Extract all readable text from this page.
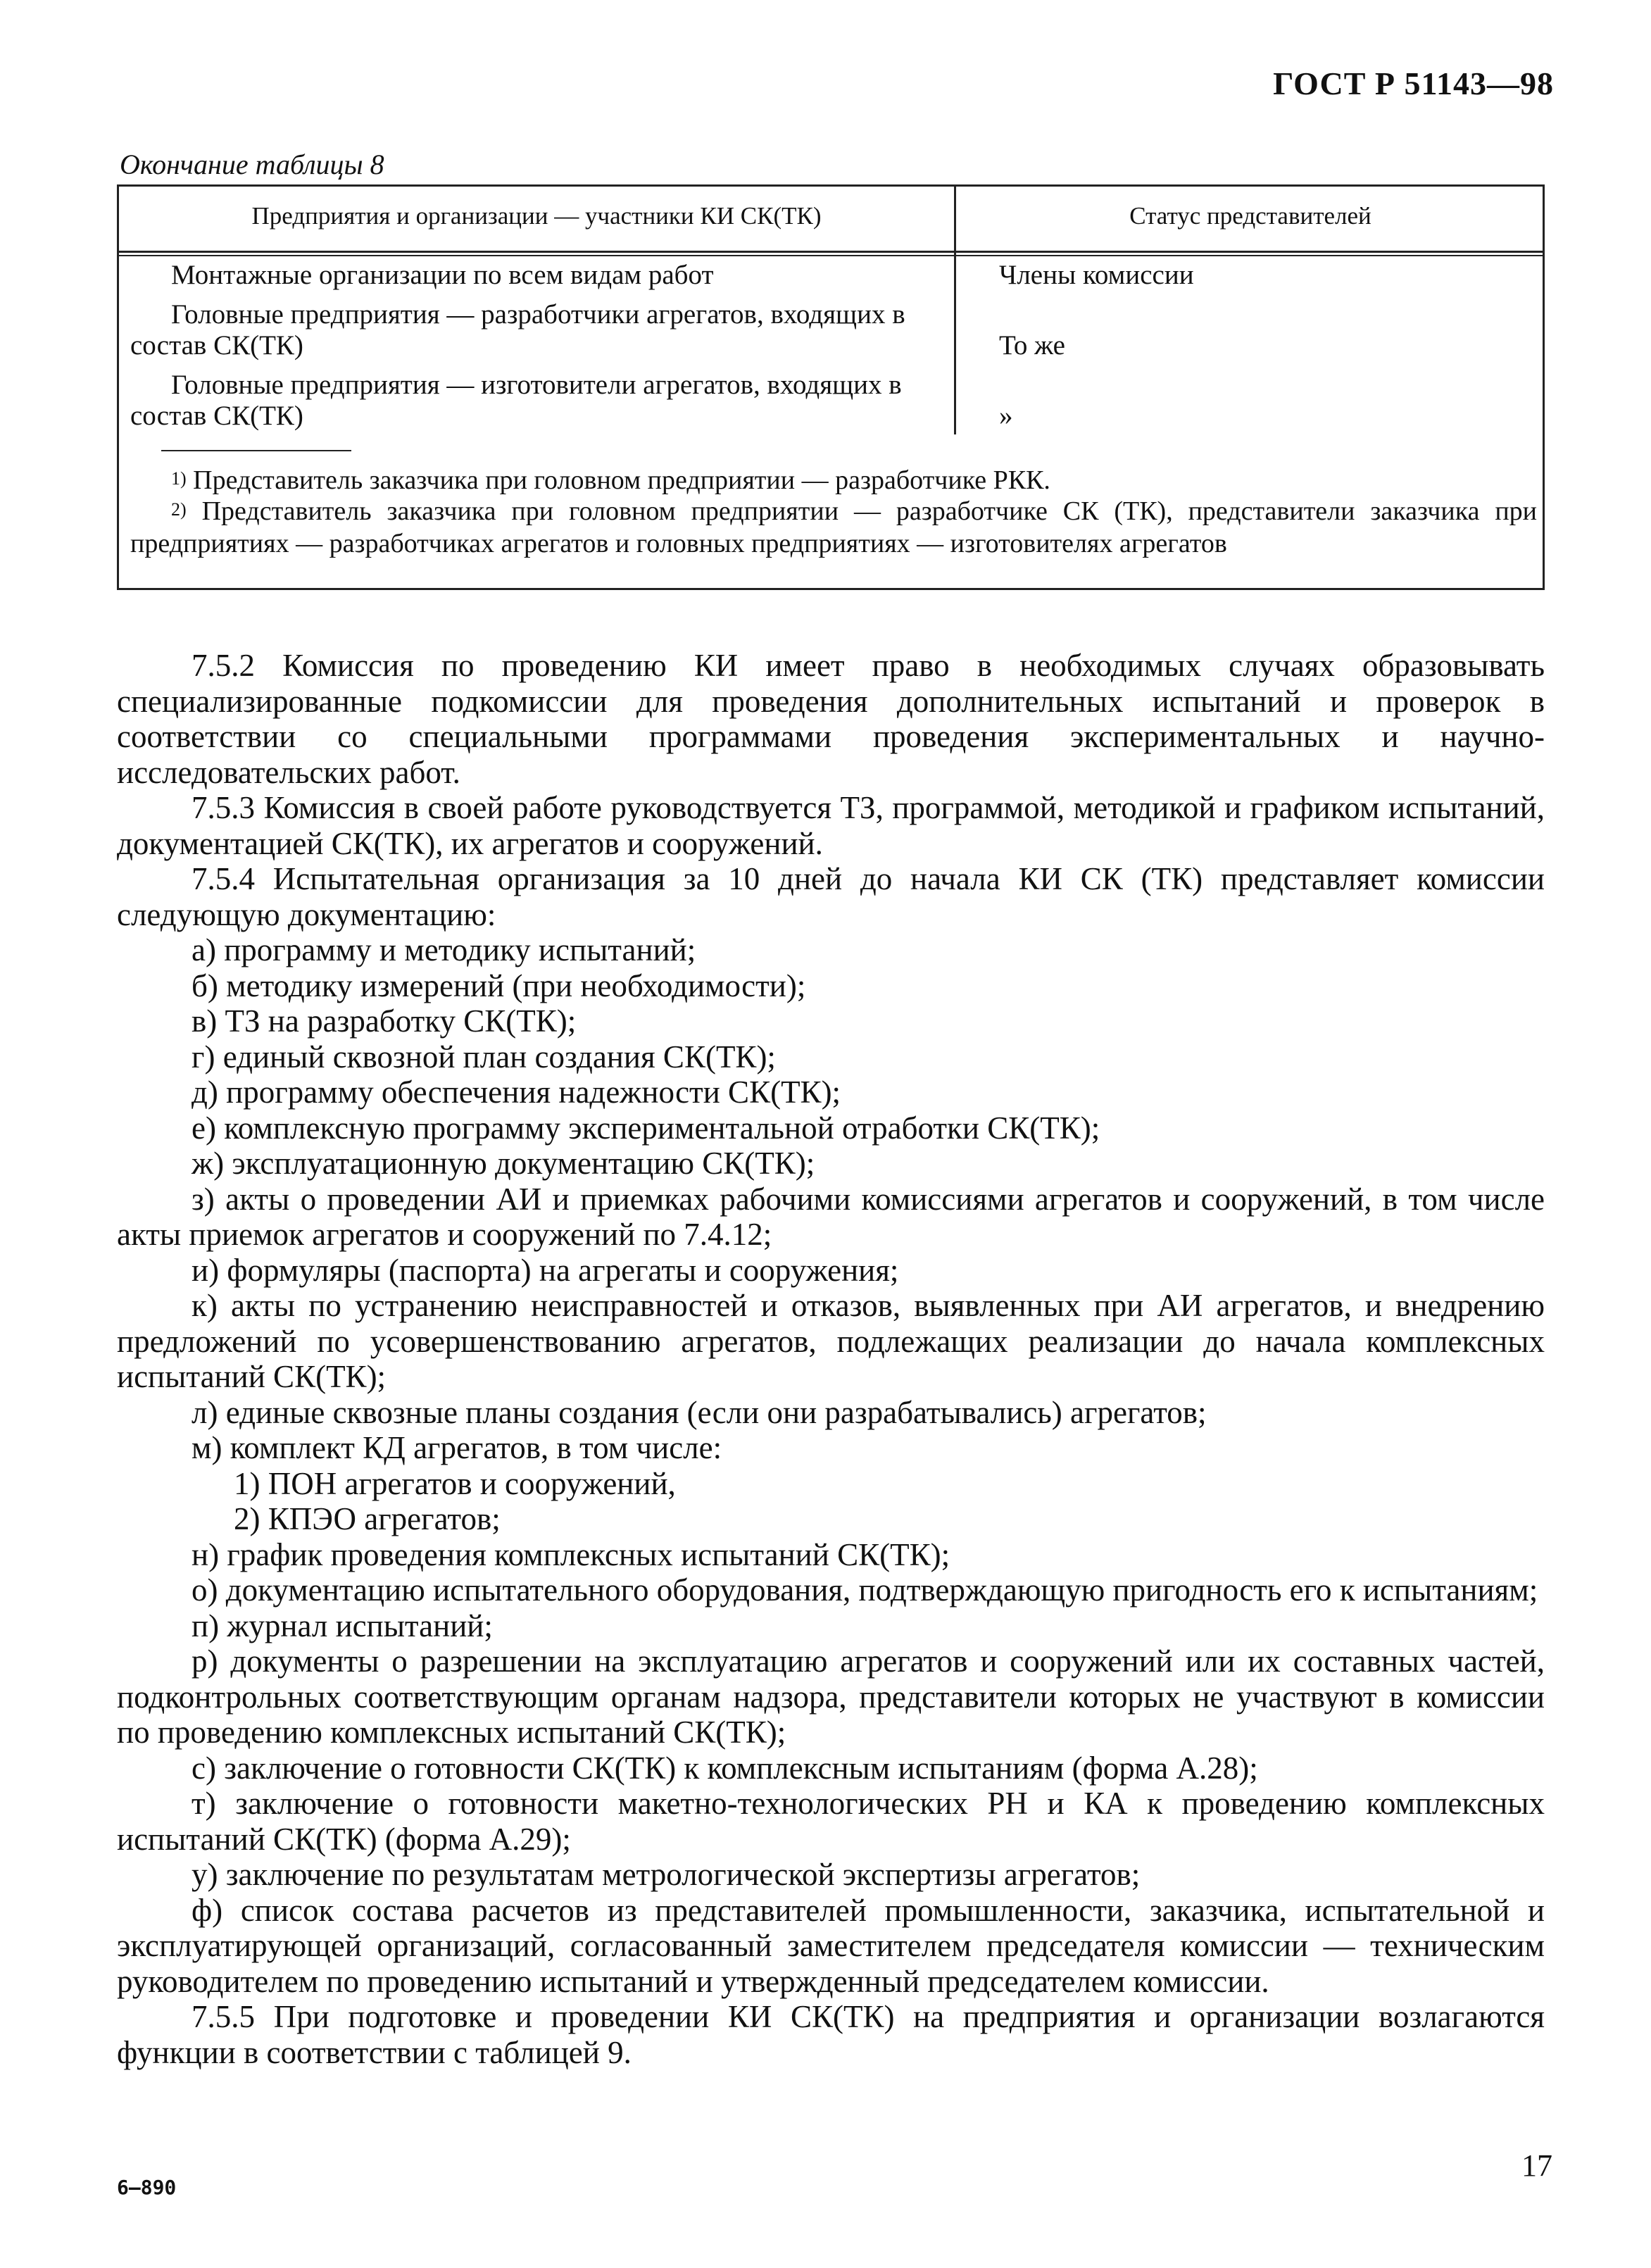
ГОСТ Р 51143—98
Окончание таблицы 8
Предприятия и организации — участники КИ СК(ТК)	Статус представителей
Монтажные организации по всем видам работ	Члены комиссии
Головные предприятия — разработчики агрегатов, входящих в состав СК(ТК)	То же
Головные предприятия — изготовители агрегатов, входящих в состав СК(ТК)	»
$^{1)}$ Представитель заказчика при головном предприятии — разработчике РКК.
$^{2)}$ Представитель заказчика при головном предприятии — разработчике СК (ТК), представители заказчика при предприятиях — разработчиках агрегатов и головных предприятиях — изготовителях агрегатов

7.5.2 Комиссия по проведению КИ имеет право в необходимых случаях образовывать специализированные подкомиссии для проведения дополнительных испытаний и проверок в соответствии со специальными программами проведения экспериментальных и научно-исследовательских работ.

7.5.3 Комиссия в своей работе руководствуется ТЗ, программой, методикой и графиком испытаний, документацией СК(ТК), их агрегатов и сооружений.

7.5.4 Испытательная организация за 10 дней до начала КИ СК (ТК) представляет комиссии следующую документацию:

а) программу и методику испытаний;

б) методику измерений (при необходимости);

в) ТЗ на разработку СК(ТК);

г) единый сквозной план создания СК(ТК);

д) программу обеспечения надежности СК(ТК);

е) комплексную программу экспериментальной отработки СК(ТК);

ж) эксплуатационную документацию СК(ТК);

з) акты о проведении АИ и приемках рабочими комиссиями агрегатов и сооружений, в том числе акты приемок агрегатов и сооружений по 7.4.12;

и) формуляры (паспорта) на агрегаты и сооружения;

к) акты по устранению неисправностей и отказов, выявленных при АИ агрегатов, и внедрению предложений по усовершенствованию агрегатов, подлежащих реализации до начала комплексных испытаний СК(ТК);

л) единые сквозные планы создания (если они разрабатывались) агрегатов;

м) комплект КД агрегатов, в том числе:

1) ПОН агрегатов и сооружений,

2) КПЭО агрегатов;

н) график проведения комплексных испытаний СК(ТК);

о) документацию испытательного оборудования, подтверждающую пригодность его к испытаниям;

п) журнал испытаний;

р) документы о разрешении на эксплуатацию агрегатов и сооружений или их составных частей, подконтрольных соответствующим органам надзора, представители которых не участвуют в комиссии по проведению комплексных испытаний СК(ТК);

с) заключение о готовности СК(ТК) к комплексным испытаниям (форма А.28);

т) заключение о готовности макетно-технологических РН и КА к проведению комплексных испытаний СК(ТК) (форма А.29);

у) заключение по результатам метрологической экспертизы агрегатов;

ф) список состава расчетов из представителей промышленности, заказчика, испытательной и эксплуатирующей организаций, согласованный заместителем председателя комиссии — техническим руководителем по проведению испытаний и утвержденный председателем комиссии.

7.5.5 При подготовке и проведении КИ СК(ТК) на предприятия и организации возлагаются функции в соответствии с таблицей 9.

6—890
17
